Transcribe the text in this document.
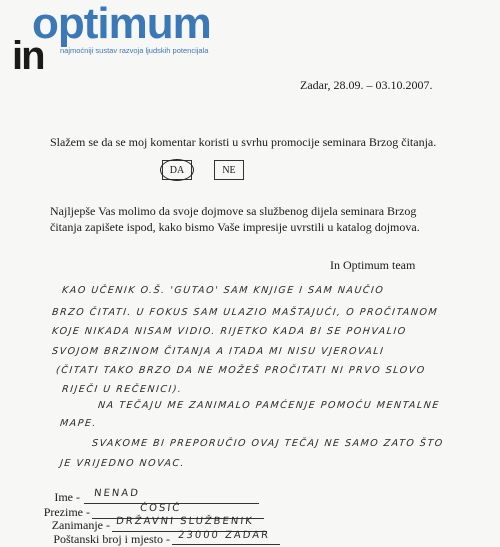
optimum
in najmoćniji sustav razvoja ljudskih potencijala
Zadar, 28.09. – 03.10.2007.
Slažem se da se moj komentar koristi u svrhu promocije seminara Brzog čitanja.
DA	NE
Najljepše Vas molimo da svoje dojmove sa službenog dijela seminara Brzog čitanja zapišete ispod, kako bismo Vaše impresije uvrstili u katalog dojmova.
In Optimum team
KAO UČENIK O.Š. 'GUTAO' SAM KNJIGE I SAM NAUČIO
BRZO ČITATI. U FOKUS SAM ULAZIO MAŠTAJUĆI, O PROČITANOM
KOJE NIKADA NISAM VIDIO. RIJETKO KADA BI SE POHVALIO
SVOJOM BRZINOM ČITANJA A ITADA MI NISU VJEROVALI
(ČITATI TAKO BRZO DA NE MOŽEŠ PROČITATI NI PRVO SLOVO
RIJEČI U REČENICI).
NA TEČAJU ME ZANIMALO PAMĆENJE POMOĆU MENTALNE
MAPE.
SVAKOME BI PREPORUČIO OVAJ TEČAJ NE SAMO ZATO ŠTO
JE VRIJEDNO NOVAC.
Ime - NENAD
Prezime -	ĆOSIĆ
Zanimanje - DRŽAVNI SLUŽBENIK
Poštanski broj i mjesto - 23000 ZADAR
